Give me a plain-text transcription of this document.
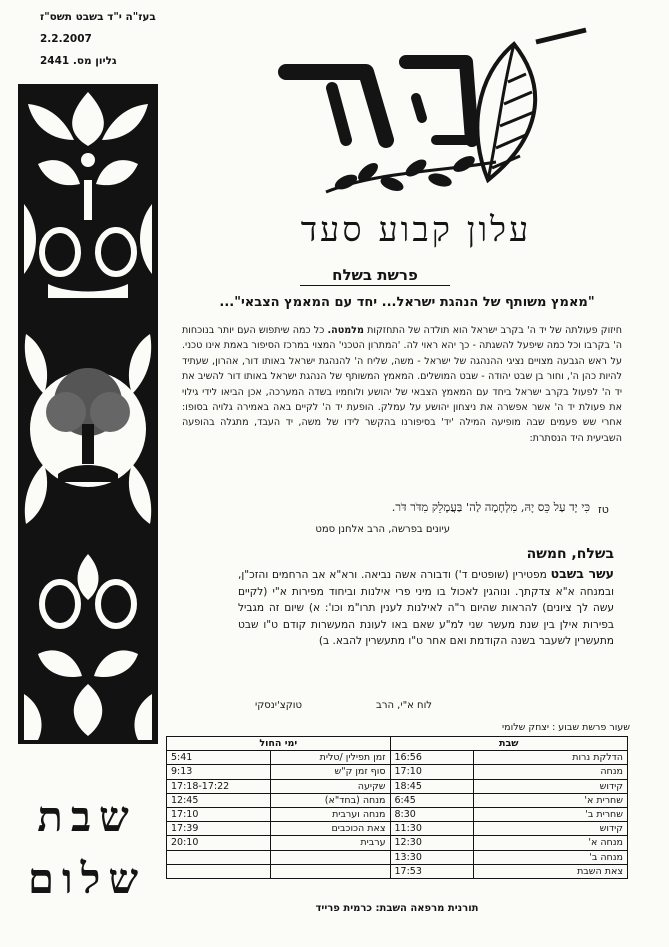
בעז"ה י"ד בשבט תשס"ז
2.2.2007
גליון מס. 2441
שבת
שלום
עלון קבוע סעד
פרשת בשלח
"מאמץ משותף של הנהגת ישראל... יחד עם המאמץ הצבאי"...
חיזוק פעולתה של יד ה' בקרב ישראל הוא תולדה של התחזקות מלמטה. כל כמה שיתפוש העם יותר בנוכחות ה' בקרבו וכל כמה שיפעל להשגתה - כך יהא ראוי לה. 'המתרון הטכני' המצוי במרכז הסיפור באמת אינו טכני. על ראש הגבעה מצויים נציגי ההנהגה של ישראל - משה, שליח ה' להנהגת ישראל באותו דור, אהרון, שעתיד להיות כהן ה', וחור בן שבט יהודה - שבט המושלים. המאמץ המשותף של הנהגת ישראל באותו דור להשיב את יד ה' לפעול בקרב ישראל ביחד עם המאמץ הצבאי של יהושע ולוחמיו בשדה המערכה, אכן הביאו לידי גילוי את פעולת יד ה' אשר אפשרה את ניצחון יהושע על עמלק. הופעת יד ה' לקיים באה באמירה גלויה בסופו: אחרי שש פעמים שבה מופיעה המילה 'יד' בסיפורנו בהקשר לידו של משה, יד העבד, מתגלה בהופעה השביעית היד הנסתרת:
טז
כִּי יָד עַל כֵּס יָהּ, מִלְחָמָה לַה' בַּעֲמָלֵק מִדֹּר דֹּר.
עיונים בפרשה, הרב אלחנן סמט
בשלח, חמשה
עשר בשבט מפטירין (שופטים ד') ודבורה אשה נביאה. ורא"א אב הרחמים והזכ"ן, ובמנחה א"א צדקתך. ונוהגין לאכול בו מיני פרי אילנות וביחוד מפירות א"י (לקיים עשה לך ציונים) להראות שהיום ר"ה לאילנות לענין תרו"מ וכו': א) שיום זה מגביל בפירות אילן בין שנת מעשר שני למ"ע שאם באו לעונת המעשרות קודם ט"ו שבט מתעשרין לשעבר בשנה הקודמת ואם אחר ט"ו מתעשרין להבא. ב)
לוח א"י, הרב
טוקצ'ינסקי
שעור פרשת שבוע : יצחק שלומי
ימי החול		שבת	
5:41	זמן תפילין /טלית	16:56	הדלקת נרות
9:13	סוף זמן ק"ש	17:10	מנחה
17:18-17:22	שקיעה	18:45	קידוש
12:45	מנחה (בחד"א)	6:45	שחרית א'
17:10	מנחה וערבית	8:30	שחרית ב'
17:39	צאת הכוכבים	11:30	קידוש
20:10	ערבית	12:30	מנחה א'
		13:30	מנחה ב'
		17:53	צאת השבת
תורנית מרפאה השבת: כרמית פרייד
